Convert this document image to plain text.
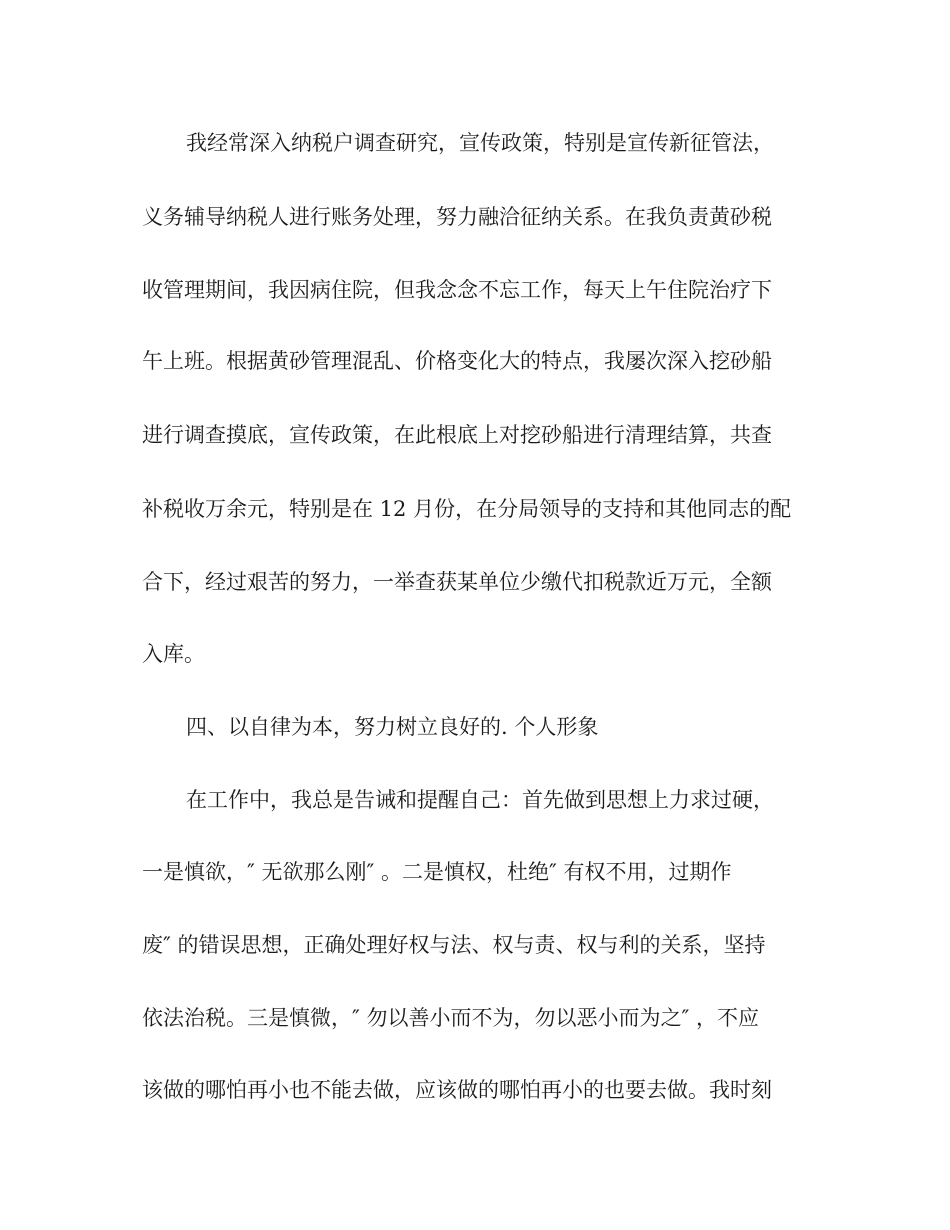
我经常深入纳税户调查研究，宣传政策，特别是宣传新征管法，

义务辅导纳税人进行账务处理，努力融洽征纳关系。在我负责黄砂税

收管理期间，我因病住院，但我念念不忘工作，每天上午住院治疗下

午上班。根据黄砂管理混乱、价格变化大的特点，我屡次深入挖砂船

进行调查摸底，宣传政策，在此根底上对挖砂船进行清理结算，共查

补税收万余元，特别是在 12 月份，在分局领导的支持和其他同志的配

合下，经过艰苦的努力，一举查获某单位少缴代扣税款近万元，全额

入库。

四、以自律为本，努力树立良好的. 个人形象

在工作中，我总是告诫和提醒自己：首先做到思想上力求过硬，

一是慎欲，″ 无欲那么刚″ 。二是慎权，杜绝″ 有权不用，过期作

废″ 的错误思想，正确处理好权与法、权与责、权与利的关系，坚持

依法治税。三是慎微，″ 勿以善小而不为，勿以恶小而为之″ ，不应

该做的哪怕再小也不能去做，应该做的哪怕再小的也要去做。我时刻
